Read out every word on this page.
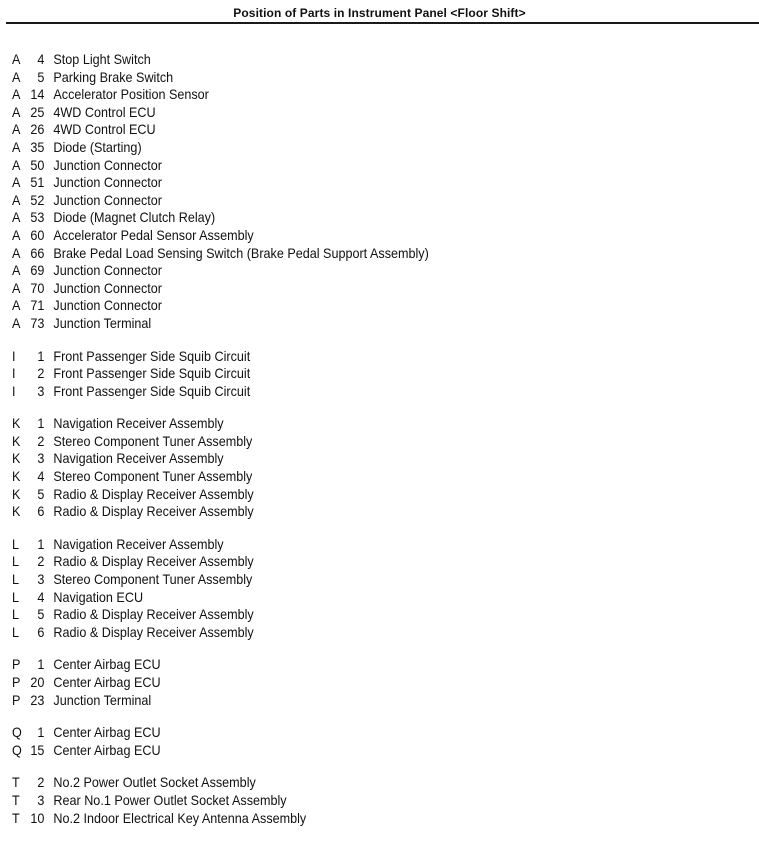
Position of Parts in Instrument Panel <Floor Shift>
A	4 Stop Light Switch
A	5 Parking Brake Switch
A 14 Accelerator Position Sensor
A 25 4WD Control ECU
A 26 4WD Control ECU
A 35 Diode (Starting)
A 50 Junction Connector
A 51 Junction Connector
A 52 Junction Connector
A 53 Diode (Magnet Clutch Relay)
A 60 Accelerator Pedal Sensor Assembly
A 66 Brake Pedal Load Sensing Switch (Brake Pedal Support Assembly)
A 69 Junction Connector
A 70 Junction Connector
A 71 Junction Connector
A 73 Junction Terminal
I	1 Front Passenger Side Squib Circuit
I	2 Front Passenger Side Squib Circuit
I	3 Front Passenger Side Squib Circuit
K	1 Navigation Receiver Assembly
K	2 Stereo Component Tuner Assembly
K	3 Navigation Receiver Assembly
K	4 Stereo Component Tuner Assembly
K	5 Radio & Display Receiver Assembly
K	6 Radio & Display Receiver Assembly
L	1 Navigation Receiver Assembly
L	2 Radio & Display Receiver Assembly
L	3 Stereo Component Tuner Assembly
L	4 Navigation ECU
L	5 Radio & Display Receiver Assembly
L	6 Radio & Display Receiver Assembly
P	1 Center Airbag ECU
P 20 Center Airbag ECU
P 23 Junction Terminal
Q	1 Center Airbag ECU
Q 15 Center Airbag ECU
T	2 No.2 Power Outlet Socket Assembly
T	3 Rear No.1 Power Outlet Socket Assembly
T 10 No.2 Indoor Electrical Key Antenna Assembly
